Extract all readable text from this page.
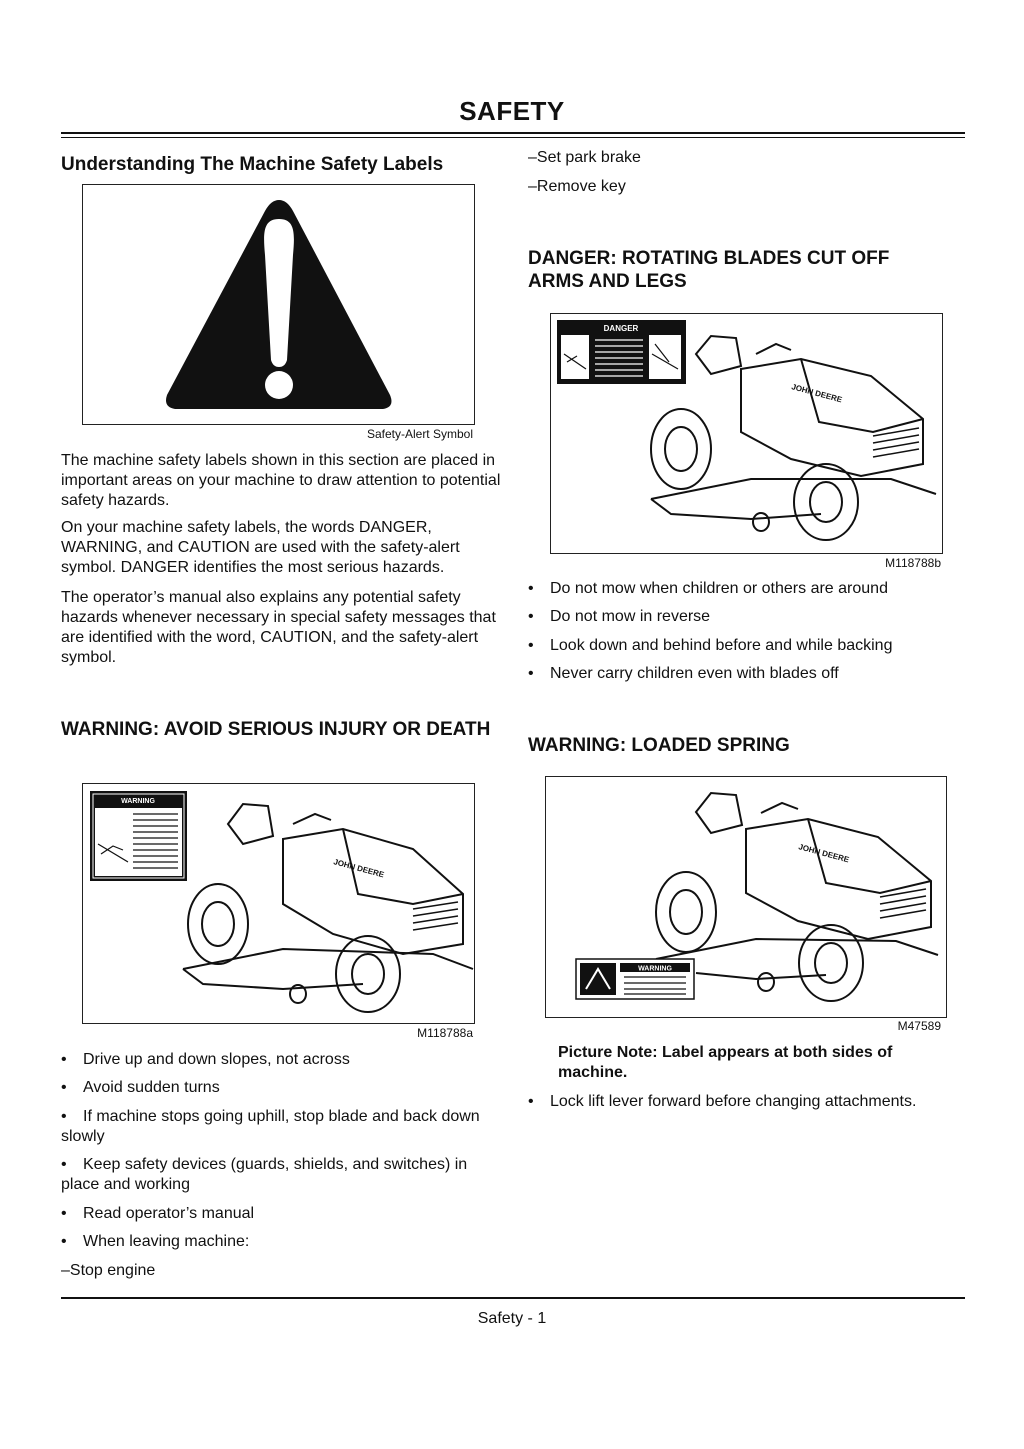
SAFETY
Understanding The Machine Safety Labels
Safety-Alert Symbol

The machine safety labels shown in this section are placed in important areas on your machine to draw attention to potential safety hazards.

On your machine safety labels, the words DANGER, WARNING, and CAUTION are used with the safety-alert symbol. DANGER identifies the most serious hazards.

The operator’s manual also explains any potential safety hazards whenever necessary in special safety messages that are identified with the word, CAUTION, and the safety-alert symbol.

WARNING: AVOID SERIOUS INJURY OR DEATH
WARNING
JOHN DEERE
M118788a

• Drive up and down slopes, not across

• Avoid sudden turns

• If machine stops going uphill, stop blade and back down slowly

• Keep safety devices (guards, shields, and switches) in place and working

• Read operator’s manual

• When leaving machine:

–Stop engine

–Set park brake

–Remove key

DANGER: ROTATING BLADES CUT OFF ARMS AND LEGS
DANGER
JOHN DEERE
M118788b

• Do not mow when children or others are around

• Do not mow in reverse

• Look down and behind before and while backing

• Never carry children even with blades off

WARNING: LOADED SPRING
JOHN DEERE
WARNING
M47589

Picture Note: Label appears at both sides of machine.

• Lock lift lever forward before changing attachments.

Safety - 1
